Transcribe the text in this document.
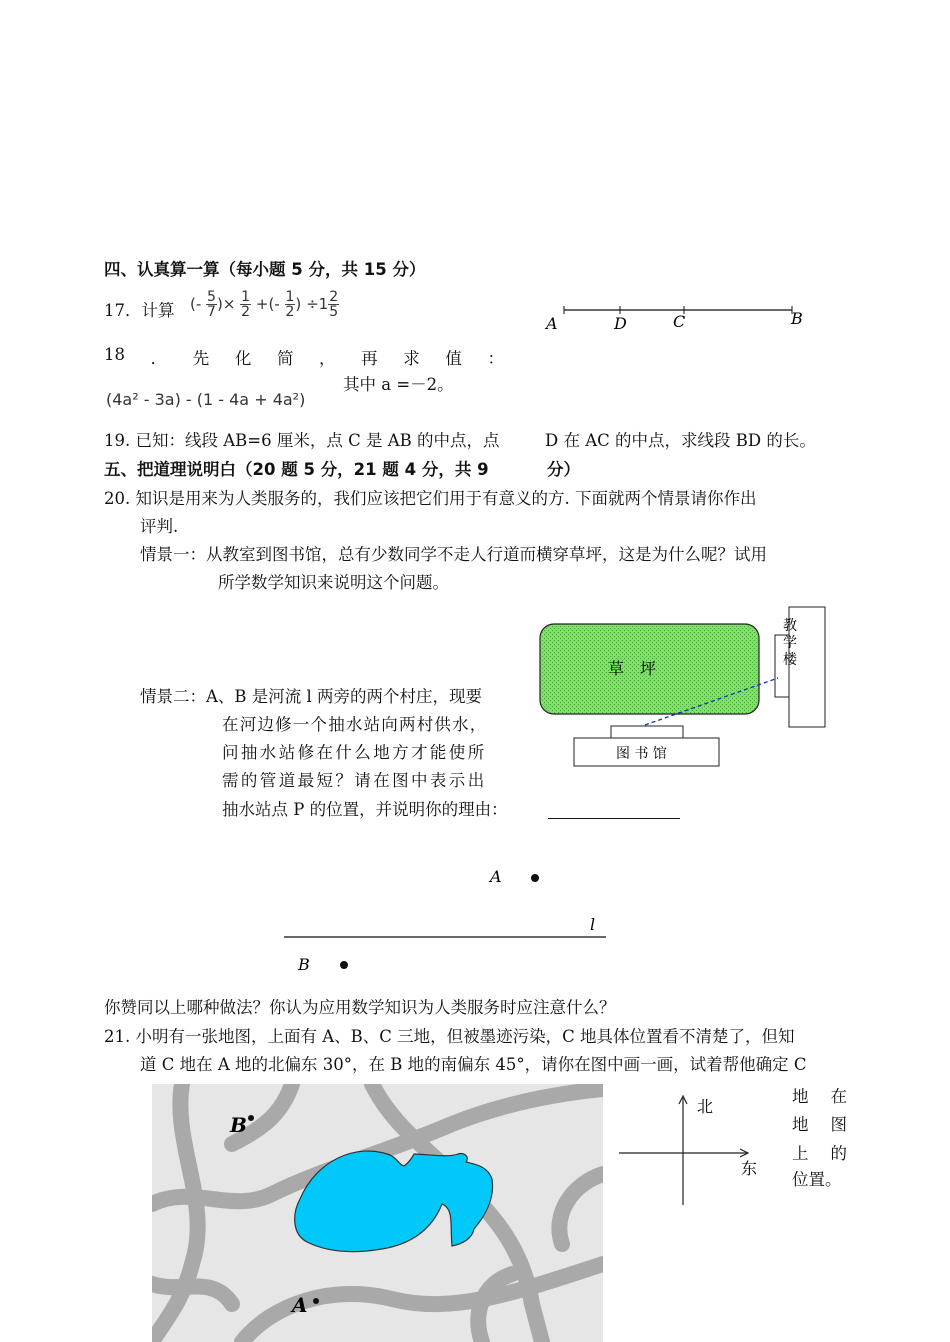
四、认真算一算（每小题 5 分，共 15 分）
17．计算 (- $\frac{5}{7}$ )× $\frac{1}{2}$ +(- $\frac{1}{2}$ ) $\div 1 \frac{2}{5}$
A	D	C	B
18 ． 先 化 简 ， 再 求 值 ：
(4a² - 3a) - (1 - 4a + 4a²)
其中 a =－2。
19. 已知：线段 AB=6 厘米，点 C 是 AB 的中点，点	D 在 AC 的中点，求线段 BD 的长。
五、把道理说明白（20 题 5 分，21 题 4 分，共 9	分）
20. 知识是用来为人类服务的，我们应该把它们用于有意义的方. 下面就两个情景请你作出
评判.
情景一：从教室到图书馆，总有少数同学不走人行道而横穿草坪，这是为什么呢？试用
所学数学知识来说明这个问题。
草　坪
图 书 馆
教
学
楼
情景二：A、B 是河流 l 两旁的两个村庄，现要
在河边修一个抽水站向两村供水，
问抽水站修在什么地方才能使所
需的管道最短？请在图中表示出
抽水站点 P 的位置，并说明你的理由：
A
l
B
你赞同以上哪种做法？你认为应用数学知识为人类服务时应注意什么？
21. 小明有一张地图，上面有 A、B、C 三地，但被墨迹污染，C 地具体位置看不清楚了，但知
道 C 地在 A 地的北偏东 30°，在 B 地的南偏东 45°，请你在图中画一画，试着帮他确定 C
B
A
北
东
地 在
地 图
上 的
位置。
